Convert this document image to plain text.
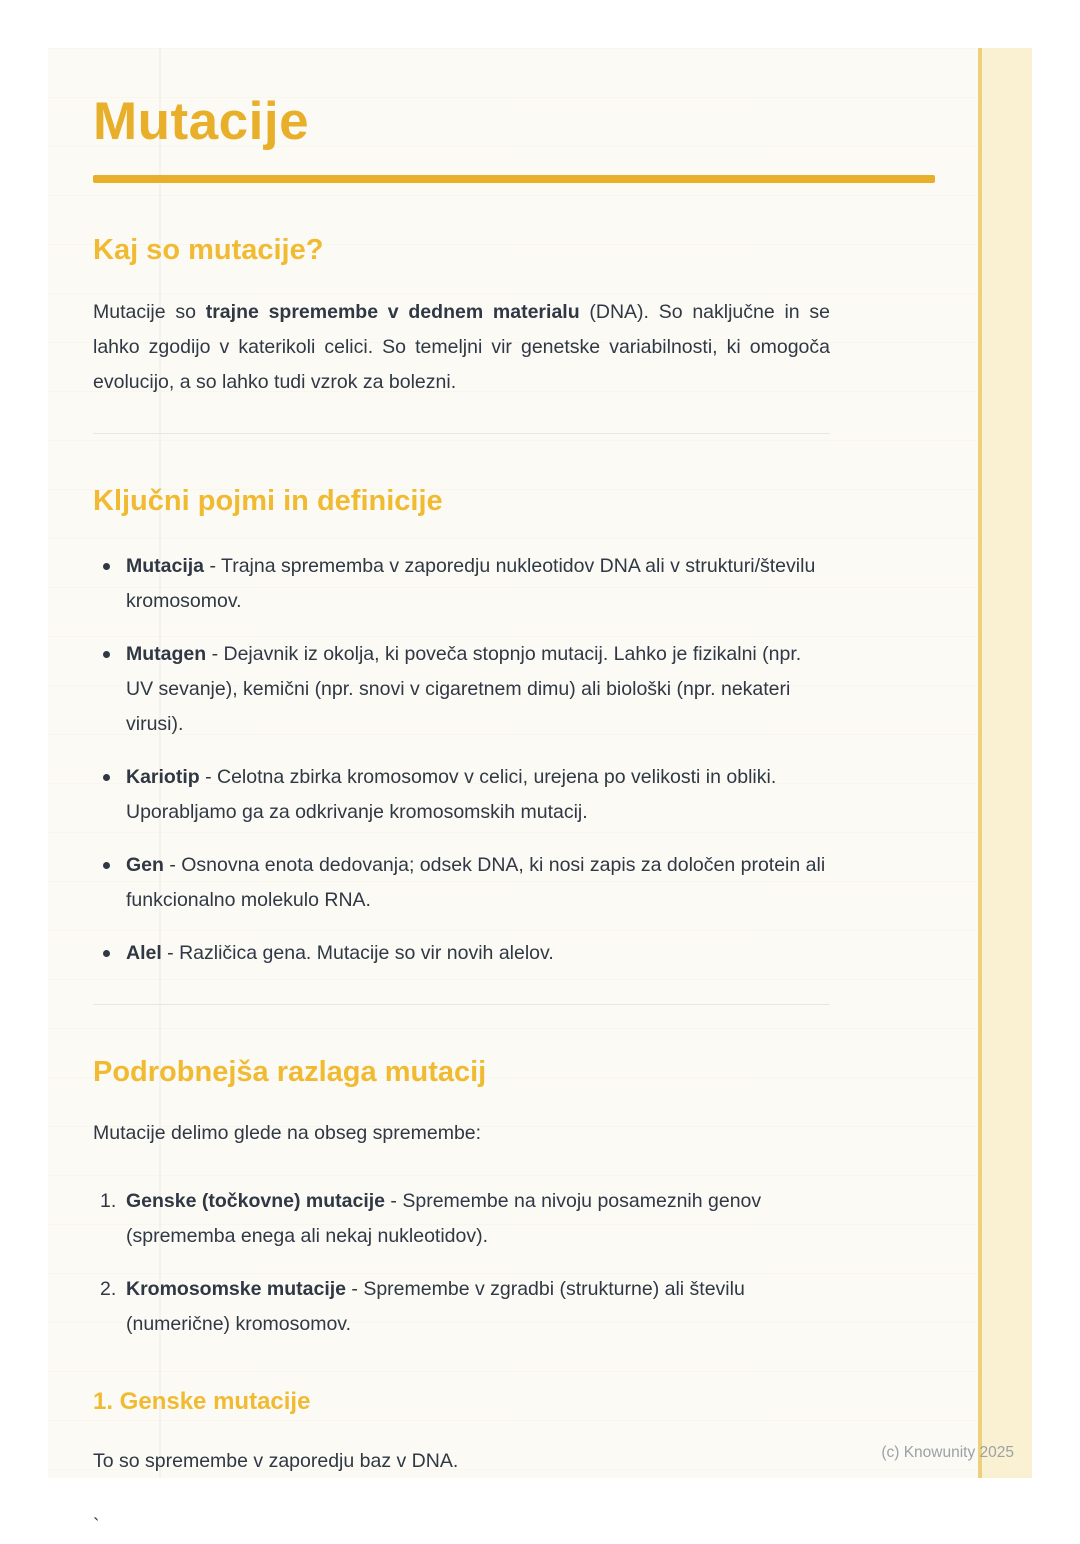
Mutacije
Kaj so mutacije?

Mutacije so trajne spremembe v dednem materialu (DNA). So naključne in se lahko zgodijo v katerikoli celici. So temeljni vir genetske variabilnosti, ki omogoča evolucijo, a so lahko tudi vzrok za bolezni.

Ključni pojmi in definicije
Mutacija - Trajna sprememba v zaporedju nukleotidov DNA ali v strukturi/številu kromosomov.
Mutagen - Dejavnik iz okolja, ki poveča stopnjo mutacij. Lahko je fizikalni (npr. UV sevanje), kemični (npr. snovi v cigaretnem dimu) ali biološki (npr. nekateri virusi).
Kariotip - Celotna zbirka kromosomov v celici, urejena po velikosti in obliki. Uporabljamo ga za odkrivanje kromosomskih mutacij.
Gen - Osnovna enota dedovanja; odsek DNA, ki nosi zapis za določen protein ali funkcionalno molekulo RNA.
Alel - Različica gena. Mutacije so vir novih alelov.
Podrobnejša razlaga mutacij

Mutacije delimo glede na obseg spremembe:

1. Genske (točkovne) mutacije - Spremembe na nivoju posameznih genov (sprememba enega ali nekaj nukleotidov).
2. Kromosomske mutacije - Spremembe v zgradbi (strukturne) ali številu (numerične) kromosomov.
1. Genske mutacije

To so spremembe v zaporedju baz v DNA.

`

(c) Knowunity 2025
